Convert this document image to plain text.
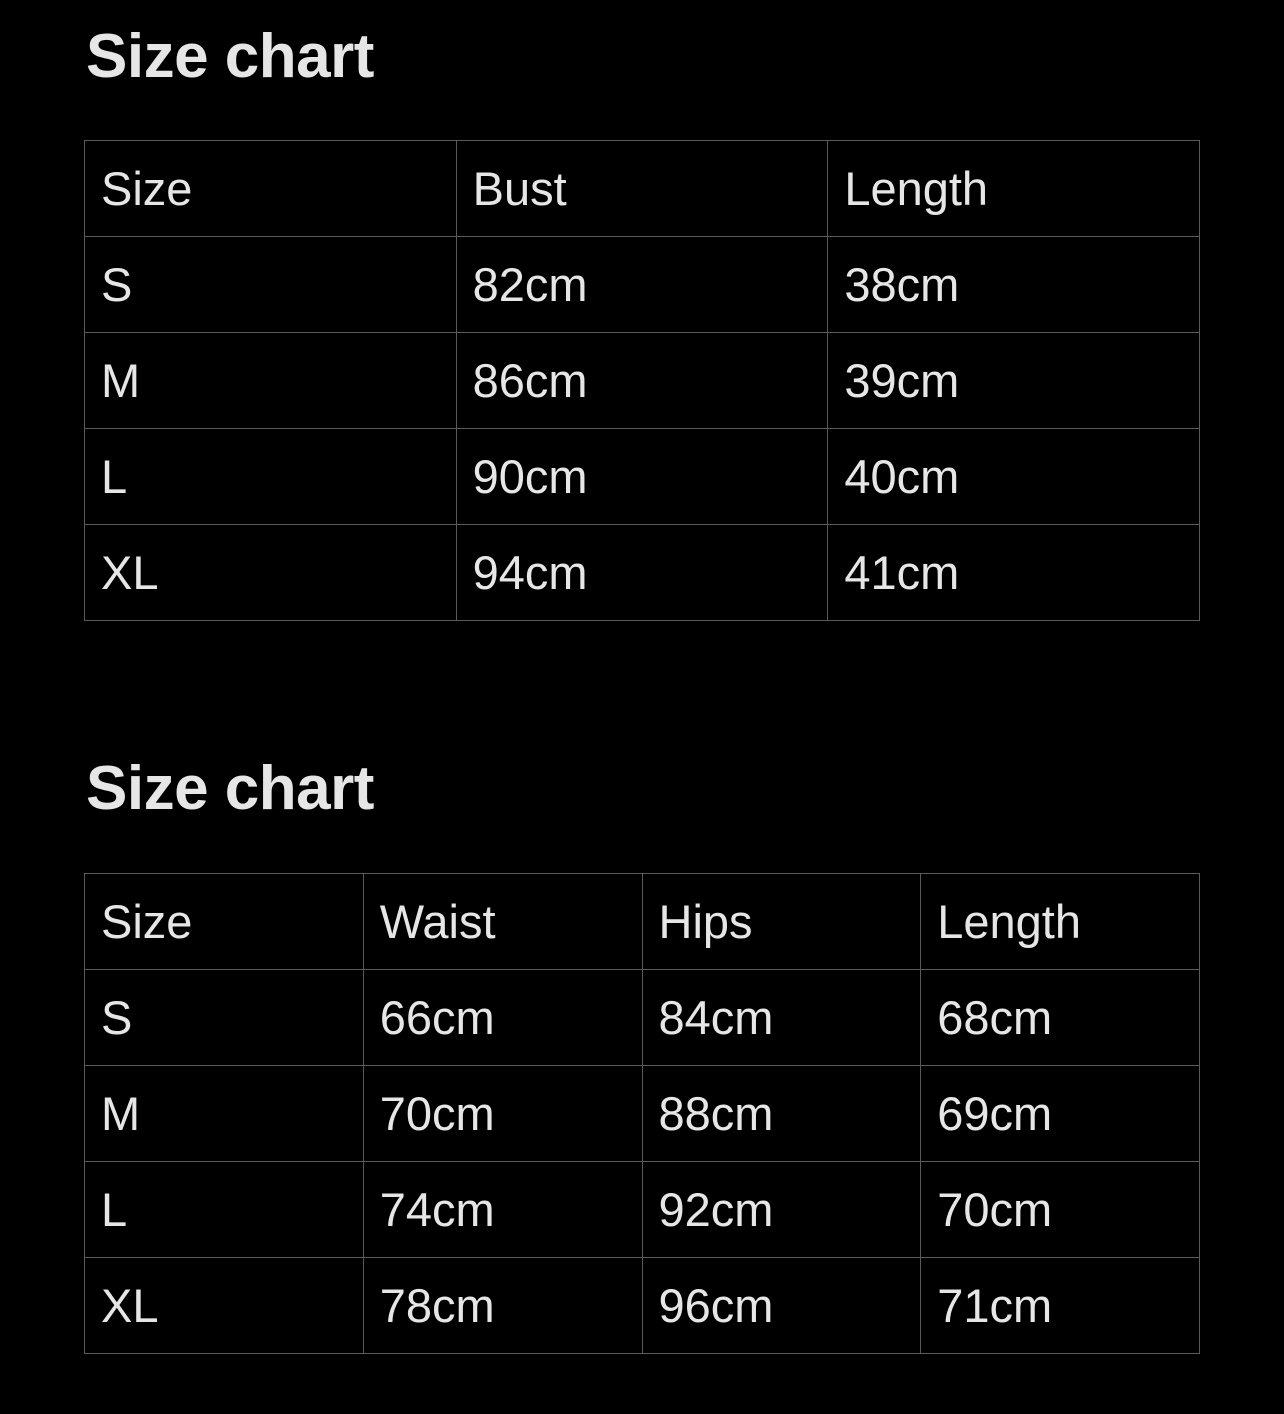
Size chart
Size	Bust	Length
S	82cm	38cm
M	86cm	39cm
L	90cm	40cm
XL	94cm	41cm
Size chart
Size	Waist	Hips	Length
S	66cm	84cm	68cm
M	70cm	88cm	69cm
L	74cm	92cm	70cm
XL	78cm	96cm	71cm
